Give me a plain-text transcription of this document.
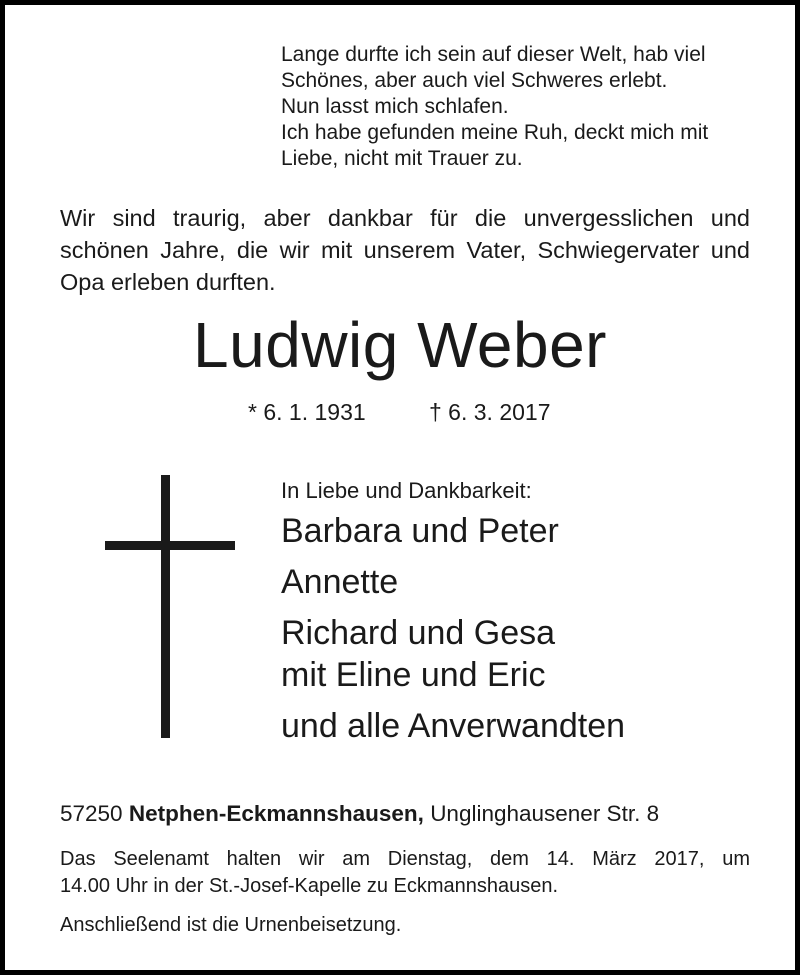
Lange durfte ich sein auf dieser Welt, hab viel
Schönes, aber auch viel Schweres erlebt.
Nun lasst mich schlafen.
Ich habe gefunden meine Ruh, deckt mich mit
Liebe, nicht mit Trauer zu.
Wir sind traurig, aber dankbar für die unvergesslichen und
schönen Jahre, die wir mit unserem Vater, Schwiegervater und
Opa erleben durften.
Ludwig Weber
* 6. 1. 1931	† 6. 3. 2017
In Liebe und Dankbarkeit:
Barbara und Peter
Annette
Richard und Gesa
mit Eline und Eric
und alle Anverwandten
57250 Netphen-Eckmannshausen, Unglinghausener Str. 8
Das Seelenamt halten wir am Dienstag, dem 14. März 2017, um
14.00 Uhr in der St.-Josef-Kapelle zu Eckmannshausen.
Anschließend ist die Urnenbeisetzung.
